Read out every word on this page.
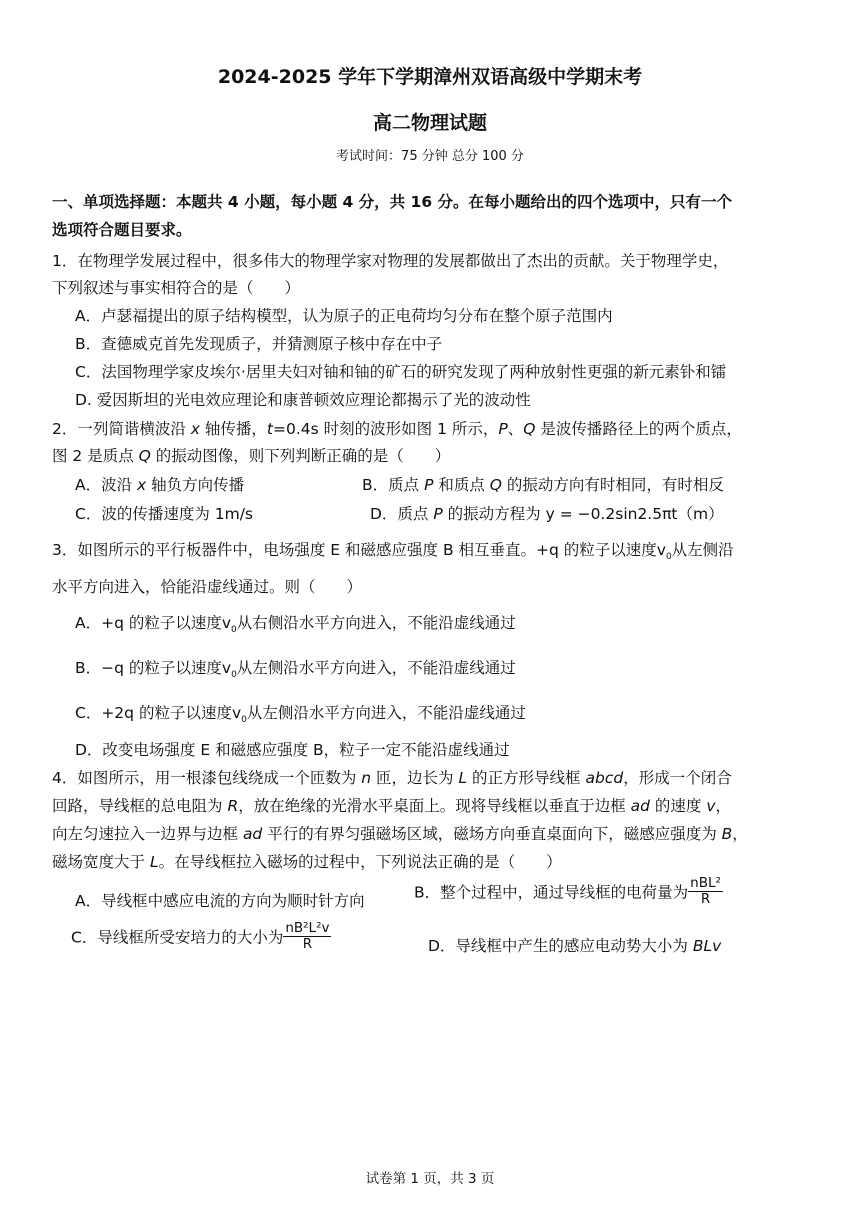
2024-2025 学年下学期漳州双语高级中学期末考
高二物理试题
考试时间：75 分钟 总分 100 分
一、单项选择题：本题共 4 小题，每小题 4 分，共 16 分。在每小题给出的四个选项中，只有一个
选项符合题目要求。
1．在物理学发展过程中，很多伟大的物理学家对物理的发展都做出了杰出的贡献。关于物理学史，
下列叙述与事实相符合的是（　　）
A．卢瑟福提出的原子结构模型，认为原子的正电荷均匀分布在整个原子范围内
B．查德威克首先发现质子，并猜测原子核中存在中子
C．法国物理学家皮埃尔·居里夫妇对铀和铀的矿石的研究发现了两种放射性更强的新元素钋和镭
D. 爱因斯坦的光电效应理论和康普顿效应理论都揭示了光的波动性
2．一列简谐横波沿 x 轴传播，t=0.4s 时刻的波形如图 1 所示，P、Q 是波传播路径上的两个质点，
图 2 是质点 Q 的振动图像，则下列判断正确的是（　　）
A．波沿 x 轴负方向传播	B．质点 P 和质点 Q 的振动方向有时相同，有时相反
C．波的传播速度为 1m/s	D．质点 P 的振动方程为 y = −0.2sin2.5πt（m）
3．如图所示的平行板器件中，电场强度 E 和磁感应强度 B 相互垂直。+q 的粒子以速度$v_0$从左侧沿
水平方向进入，恰能沿虚线通过。则（　　）
A．+q 的粒子以速度$v_0$从右侧沿水平方向进入，不能沿虚线通过
B．−q 的粒子以速度$v_0$从左侧沿水平方向进入，不能沿虚线通过
C．+2q 的粒子以速度$v_0$从左侧沿水平方向进入，不能沿虚线通过
D．改变电场强度 E 和磁感应强度 B，粒子一定不能沿虚线通过
4．如图所示，用一根漆包线绕成一个匝数为 n 匝，边长为 L 的正方形导线框 abcd，形成一个闭合
回路，导线框的总电阻为 R，放在绝缘的光滑水平桌面上。现将导线框以垂直于边框 ad 的速度 v，
向左匀速拉入一边界与边框 ad 平行的有界匀强磁场区域，磁场方向垂直桌面向下，磁感应强度为 B，
磁场宽度大于 L。在导线框拉入磁场的过程中，下列说法正确的是（　　）
A．导线框中感应电流的方向为顺时针方向	B．整个过程中，通过导线框的电荷量为 $\frac{\text{nBL²}}{R}$
C．导线框所受安培力的大小为 $\frac{\text{nB²L²v}}{R}$	D．导线框中产生的感应电动势大小为 BLv
试卷第 1 页，共 3 页
